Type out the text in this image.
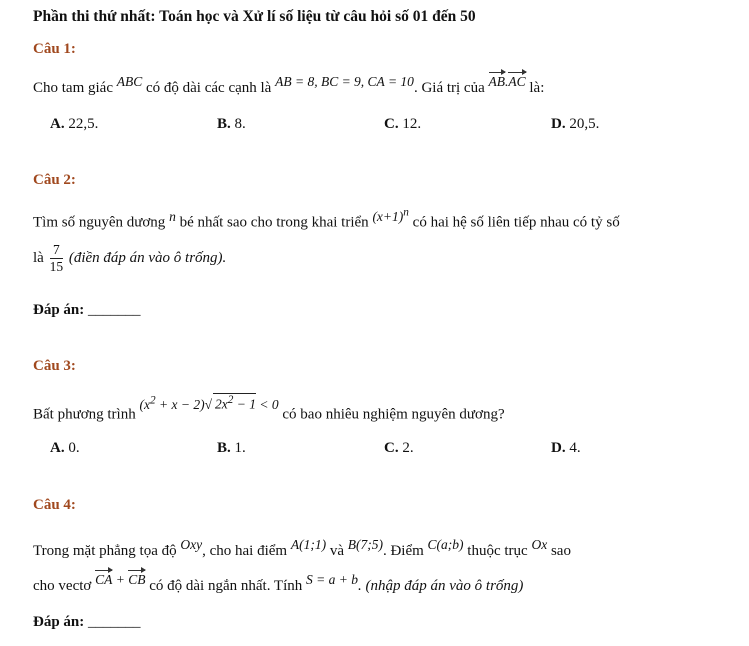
Phần thi thứ nhất: Toán học và Xử lí số liệu từ câu hỏi số 01 đến 50
Câu 1:
Cho tam giác ABC có độ dài các cạnh là AB = 8, BC = 9, CA = 10. Giá trị của AB.AC là:
A. 22,5.	B. 8.	C. 12.	D. 20,5.
Câu 2:
Tìm số nguyên dương n bé nhất sao cho trong khai triển $(x+1)^n$ có hai hệ số liên tiếp nhau có tỷ số
là $\frac{7}{15}$ (điền đáp án vào ô trống).
Đáp án: _______
Câu 3:
Bất phương trình $(x^2 + x - 2)√$ $2x^2 - 1 < 0$ có bao nhiêu nghiệm nguyên dương?
A. 0.	B. 1.	C. 2.	D. 4.
Câu 4:
Trong mặt phẳng tọa độ Oxy, cho hai điểm A(1;1) và B(7;5). Điểm C(a;b) thuộc trục Ox sao
cho vectơ CA + CB có độ dài ngắn nhất. Tính S = a + b. (nhập đáp án vào ô trống)
Đáp án: _______
